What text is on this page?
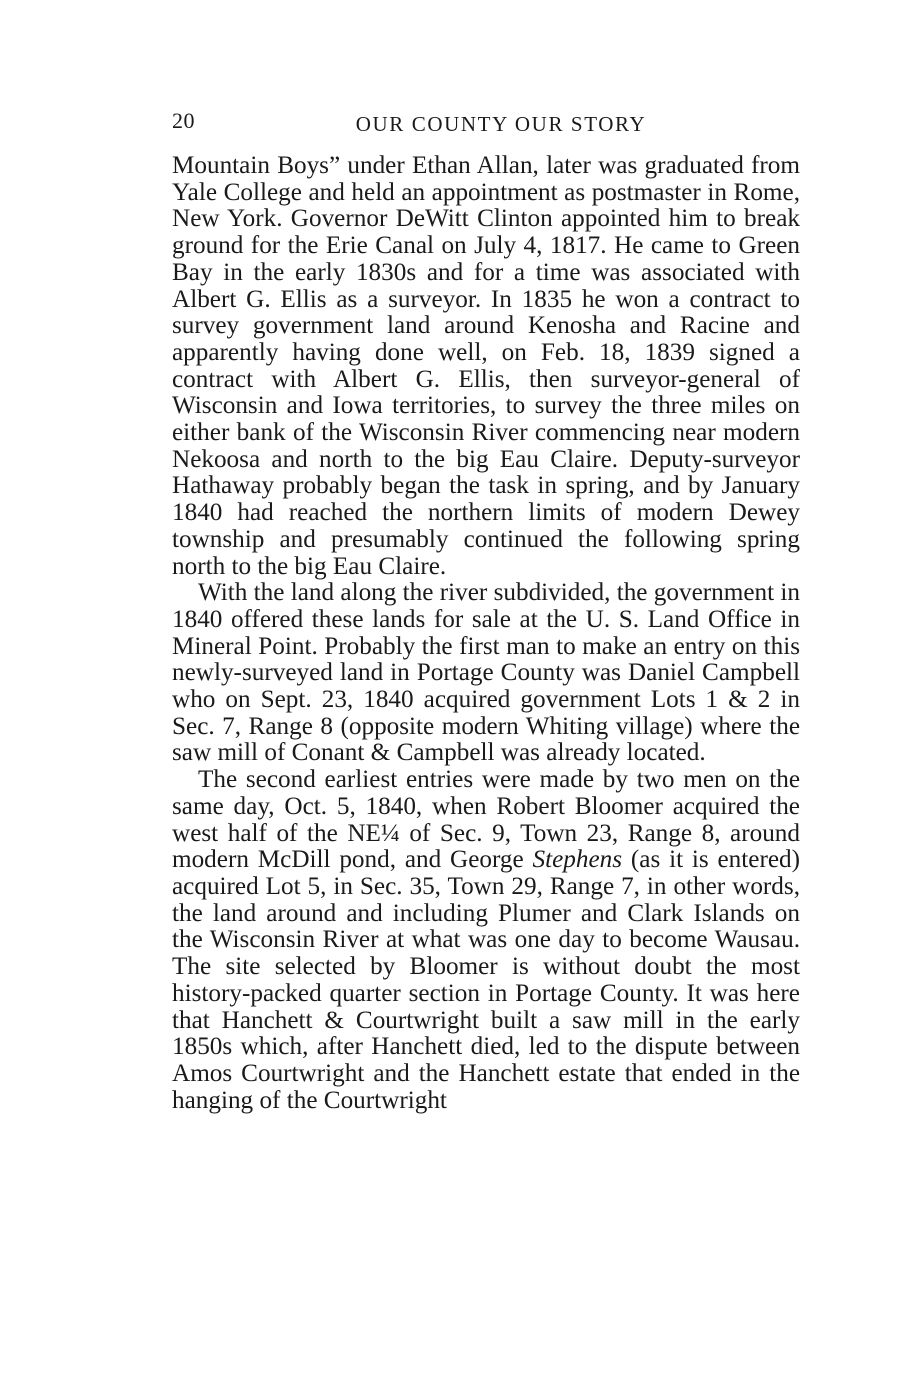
20	OUR COUNTY OUR STORY

Mountain Boys” under Ethan Allan, later was graduated from Yale College and held an appointment as postmaster in Rome, New York. Governor DeWitt Clinton appointed him to break ground for the Erie Canal on July 4, 1817. He came to Green Bay in the early 1830s and for a time was associated with Albert G. Ellis as a surveyor. In 1835 he won a contract to survey government land around Kenosha and Racine and apparently having done well, on Feb. 18, 1839 signed a contract with Albert G. Ellis, then surveyor-general of Wisconsin and Iowa territories, to survey the three miles on either bank of the Wisconsin River commencing near modern Nekoosa and north to the big Eau Claire. Deputy-surveyor Hathaway probably began the task in spring, and by January 1840 had reached the northern limits of modern Dewey township and presumably continued the following spring north to the big Eau Claire.

With the land along the river subdivided, the government in 1840 offered these lands for sale at the U. S. Land Office in Mineral Point. Probably the first man to make an entry on this newly-surveyed land in Portage County was Daniel Campbell who on Sept. 23, 1840 acquired government Lots 1 & 2 in Sec. 7, Range 8 (opposite modern Whiting village) where the saw mill of Conant & Campbell was already located.

The second earliest entries were made by two men on the same day, Oct. 5, 1840, when Robert Bloomer acquired the west half of the NE¼ of Sec. 9, Town 23, Range 8, around modern McDill pond, and George Stephens (as it is entered) acquired Lot 5, in Sec. 35, Town 29, Range 7, in other words, the land around and including Plumer and Clark Islands on the Wisconsin River at what was one day to become Wausau. The site selected by Bloomer is without doubt the most history-packed quarter section in Portage County. It was here that Hanchett & Courtwright built a saw mill in the early 1850s which, after Hanchett died, led to the dispute between Amos Courtwright and the Hanchett estate that ended in the hanging of the Courtwright
